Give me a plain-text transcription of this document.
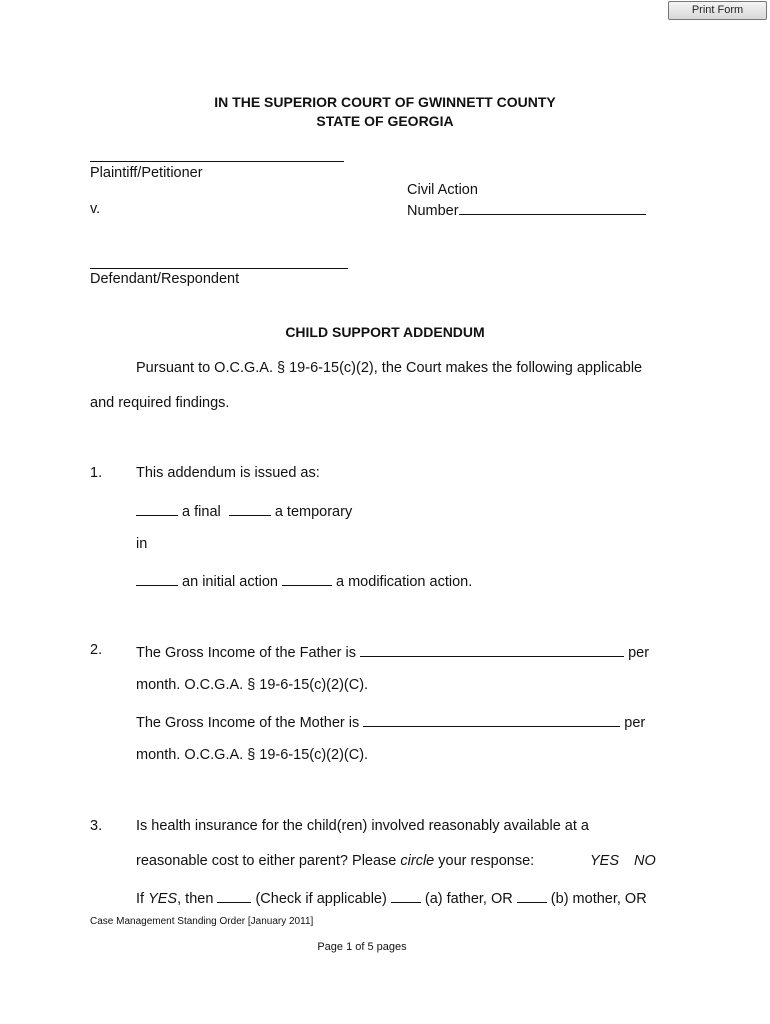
Print Form
IN THE SUPERIOR COURT OF GWINNETT COUNTY
STATE OF GEORGIA
Plaintiff/Petitioner
Civil Action
v.	Number
Defendant/Respondent
CHILD SUPPORT ADDENDUM
Pursuant to O.C.G.A. § 19-6-15(c)(2), the Court makes the following applicable
and required findings.
1. This addendum is issued as:
a final	a temporary
in
an initial action	a modification action.
2. The Gross Income of the Father is	per
month. O.C.G.A. § 19-6-15(c)(2)(C).
The Gross Income of the Mother is	per
month. O.C.G.A. § 19-6-15(c)(2)(C).
3. Is health insurance for the child(ren) involved reasonably available at a
reasonable cost to either parent? Please circle your response:	YES NO
If YES, then	(Check if applicable)	(a) father, OR	(b) mother, OR
Case Management Standing Order [January 2011]
Page 1 of 5 pages
